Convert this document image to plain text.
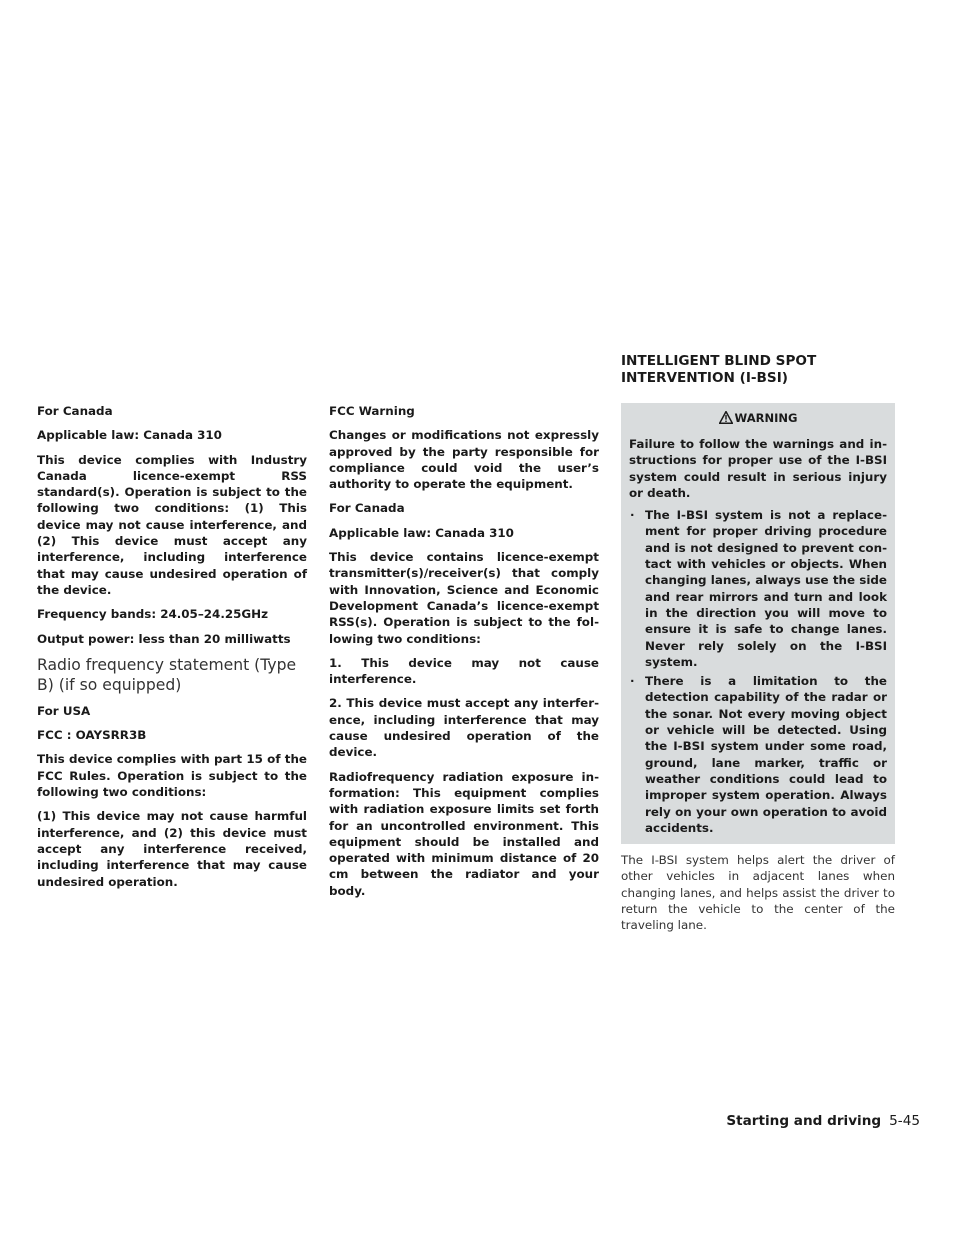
INTELLIGENT BLIND SPOT
INTERVENTION (I-BSI)

For Canada

Applicable law: Canada 310

This device complies with Industry Canada licence-exempt RSS standard(s). Operation is subject to the following two conditions: (1) This device may not cause interference, and (2) This device must accept any interference, including interference that may cause undesired operation of the device.

Frequency bands: 24.05–24.25GHz

Output power: less than 20 milliwatts

Radio frequency statement (Type B) (if so equipped)

For USA

FCC : OAYSRR3B

This device complies with part 15 of the FCC Rules. Operation is subject to the following two conditions:

(1) This device may not cause harmful interference, and (2) this device must accept any interference received, including interference that may cause undesired operation.

FCC Warning

Changes or modifications not expressly approved by the party responsible for compliance could void the user’s authority to operate the equipment.

For Canada

Applicable law: Canada 310

This device contains licence-exempt transmitter(s)/receiver(s) that comply with Innovation, Science and Economic Development Canada’s licence-exempt RSS(s). Operation is subject to the following two conditions:

1. This device may not cause interference.

2. This device must accept any interference, including interference that may cause undesired operation of the device.

Radiofrequency radiation exposure information: This equipment complies with radiation exposure limits set forth for an uncontrolled environment. This equipment should be installed and operated with minimum distance of 20 cm between the radiator and your body.

WARNING

Failure to follow the warnings and instructions for proper use of the I-BSI system could result in serious injury or death.

· The I-BSI system is not a replacement for proper driving procedure and is not designed to prevent contact with vehicles or objects. When changing lanes, always use the side and rear mirrors and turn and look in the direction you will move to ensure it is safe to change lanes. Never rely solely on the I-BSI system.
· There is a limitation to the detection capability of the radar or the sonar. Not every moving object or vehicle will be detected. Using the I-BSI system under some road, ground, lane marker, traffic or weather conditions could lead to improper system operation. Always rely on your own operation to avoid accidents.

The I-BSI system helps alert the driver of other vehicles in adjacent lanes when changing lanes, and helps assist the driver to return the vehicle to the center of the traveling lane.

Starting and driving 5-45
